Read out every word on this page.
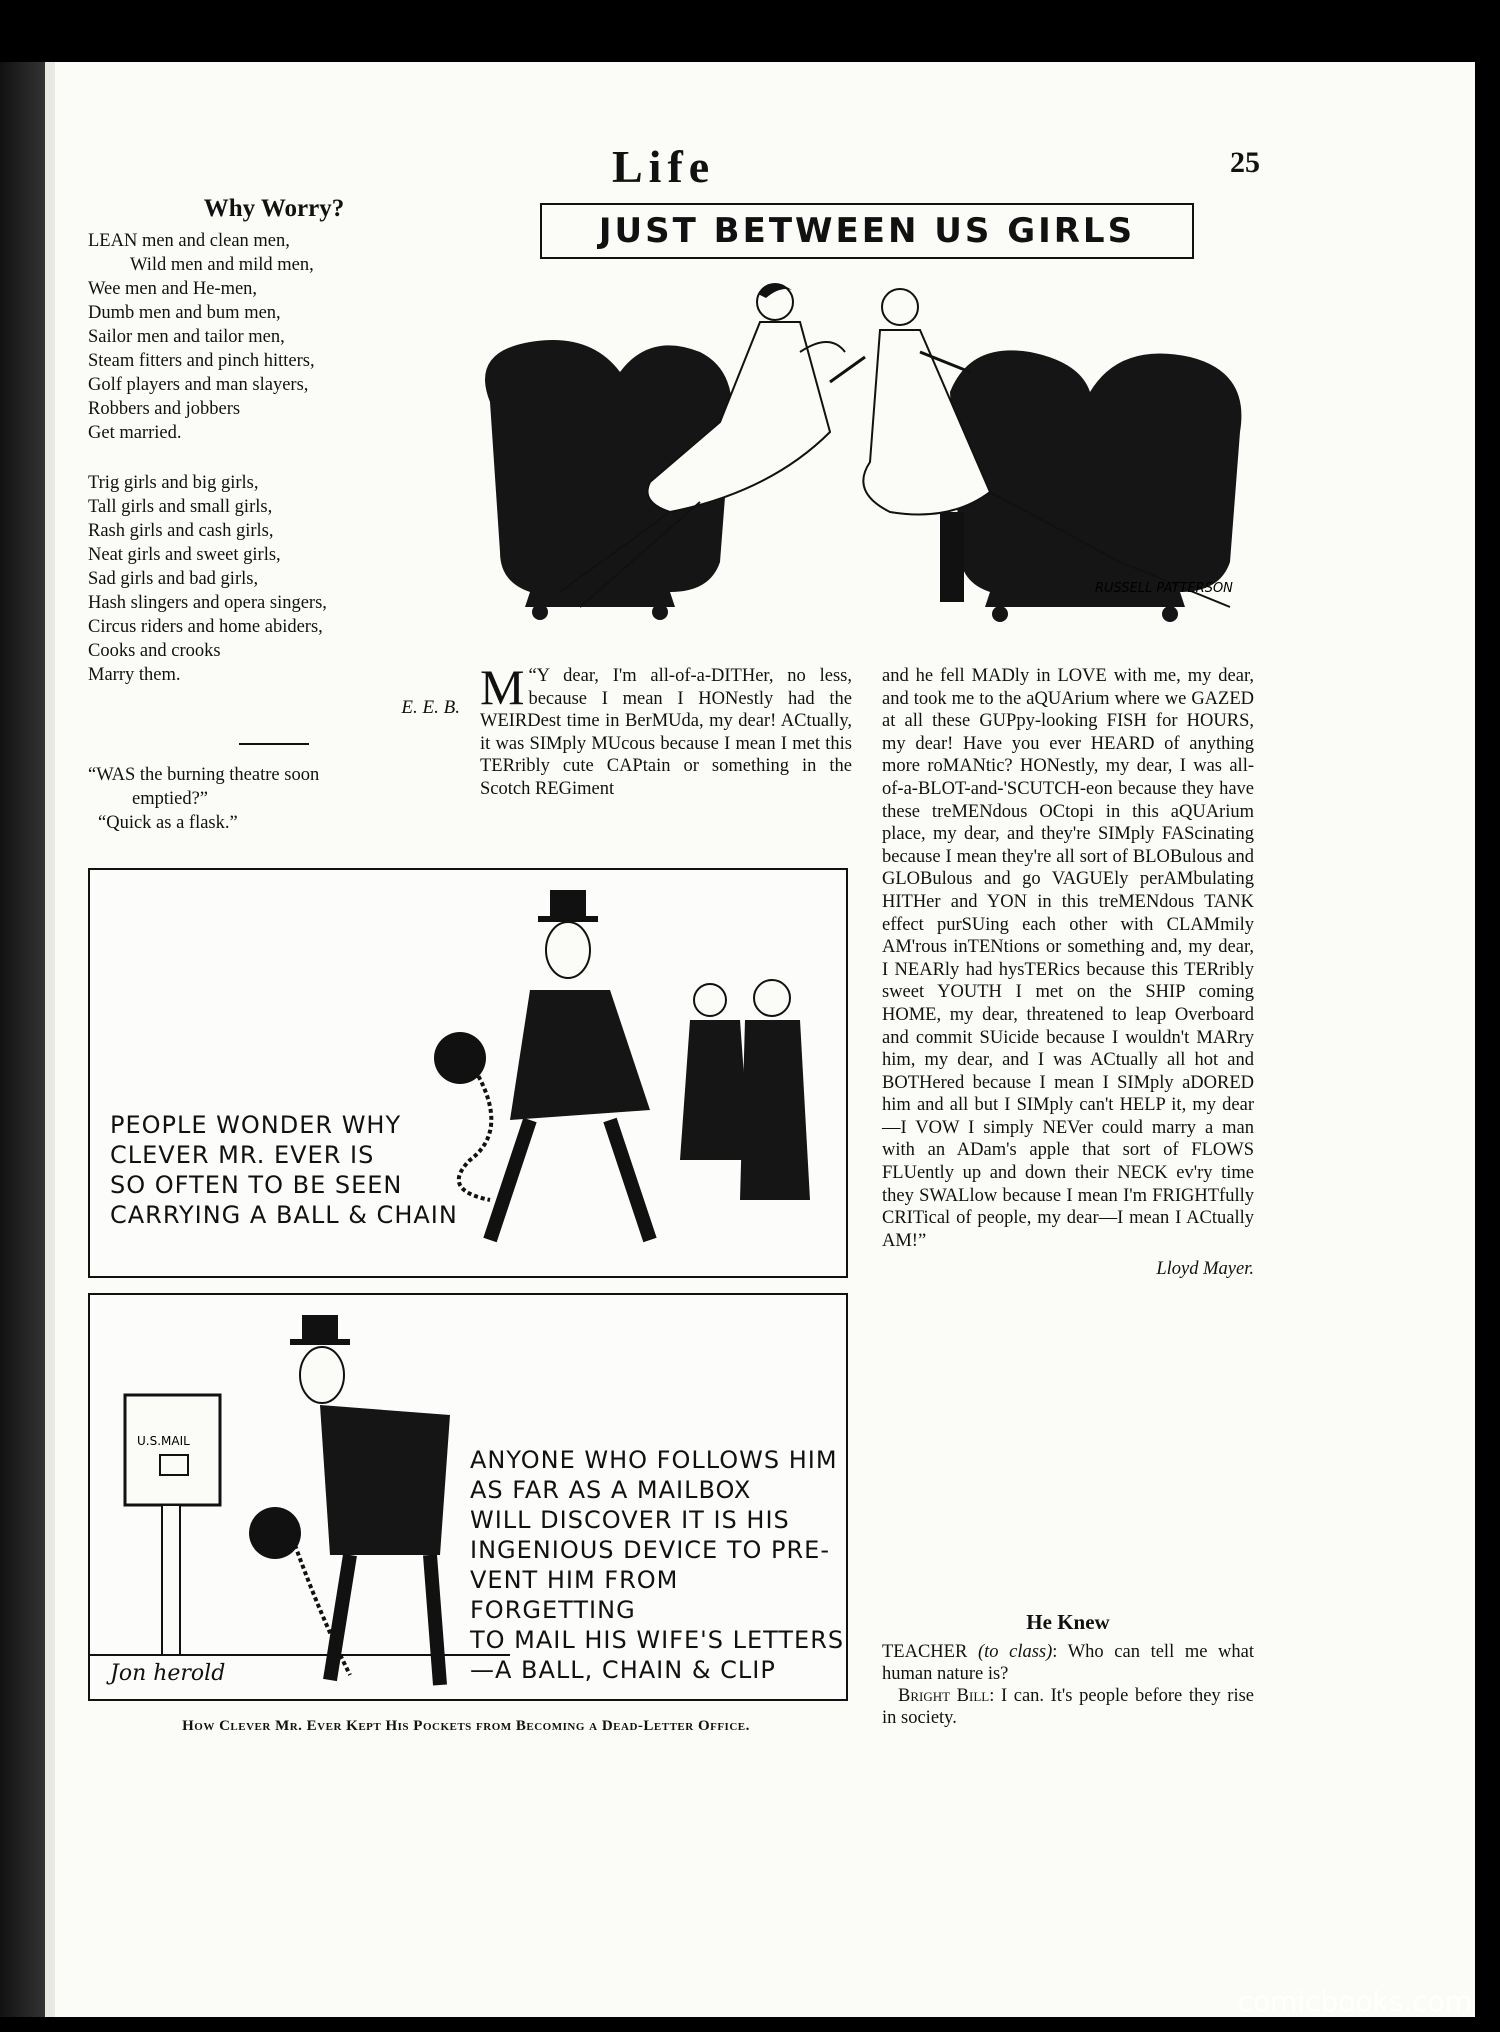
Life	25
Why Worry?
LEAN men and clean men,
Wild men and mild men,
Wee men and He-men,
Dumb men and bum men,
Sailor men and tailor men,
Steam fitters and pinch hitters,
Golf players and man slayers,
Robbers and jobbers
Get married.
Trig girls and big girls,
Tall girls and small girls,
Rash girls and cash girls,
Neat girls and sweet girls,
Sad girls and bad girls,
Hash slingers and opera singers,
Circus riders and home abiders,
Cooks and crooks
Marry them.
E. E. B.
“WAS the burning theatre soon
emptied?”
“Quick as a flask.”
JUST BETWEEN US GIRLS
RUSSELL PATTERSON
M “Y dear, I'm all-of-a-DITHer, no less, because I mean I HONestly had the WEIRDest time in BerMUda, my dear! ACtually, it was SIMply MUcous because I mean I met this TERribly cute CAPtain or something in the Scotch REGiment
and he fell MADly in LOVE with me, my dear, and took me to the aQUArium where we GAZED at all these GUPpy-looking FISH for HOURS, my dear! Have you ever HEARD of anything more roMANtic? HONestly, my dear, I was all-of-a-BLOT-and-'SCUTCH-eon because they have these treMENdous OCtopi in this aQUArium place, my dear, and they're SIMply FAScinating because I mean they're all sort of BLOBulous and GLOBulous and go VAGUEly perAMbulating HITHer and YON in this treMENdous TANK effect purSUing each other with CLAMmily AM'rous inTENtions or something and, my dear, I NEARly had hysTERics because this TERribly sweet YOUTH I met on the SHIP coming HOME, my dear, threatened to leap Overboard and commit SUicide because I wouldn't MARry him, my dear, and I was ACtually all hot and BOTHered because I mean I SIMply aDORED him and all but I SIMply can't HELP it, my dear—I VOW I simply NEVer could marry a man with an ADam's apple that sort of FLOWS FLUently up and down their NECK ev'ry time they SWALlow because I mean I'm FRIGHTfully CRITical of people, my dear—I mean I ACtually AM!”
Lloyd Mayer.
He Knew
TEACHER (to class): Who can tell me what human nature is?
Bright Bill: I can. It's people before they rise in society.
PEOPLE WONDER WHY
CLEVER MR. EVER IS
SO OFTEN TO BE SEEN
CARRYING A BALL & CHAIN
U.S.MAIL
ANYONE WHO FOLLOWS HIM
AS FAR AS A MAILBOX
WILL DISCOVER IT IS HIS
INGENIOUS DEVICE TO PRE-
VENT HIM FROM FORGETTING
TO MAIL HIS WIFE'S LETTERS
—A BALL, CHAIN & CLIP
Jon herold
How Clever Mr. Ever Kept His Pockets from Becoming a Dead-Letter Office.
comicbooks.com
